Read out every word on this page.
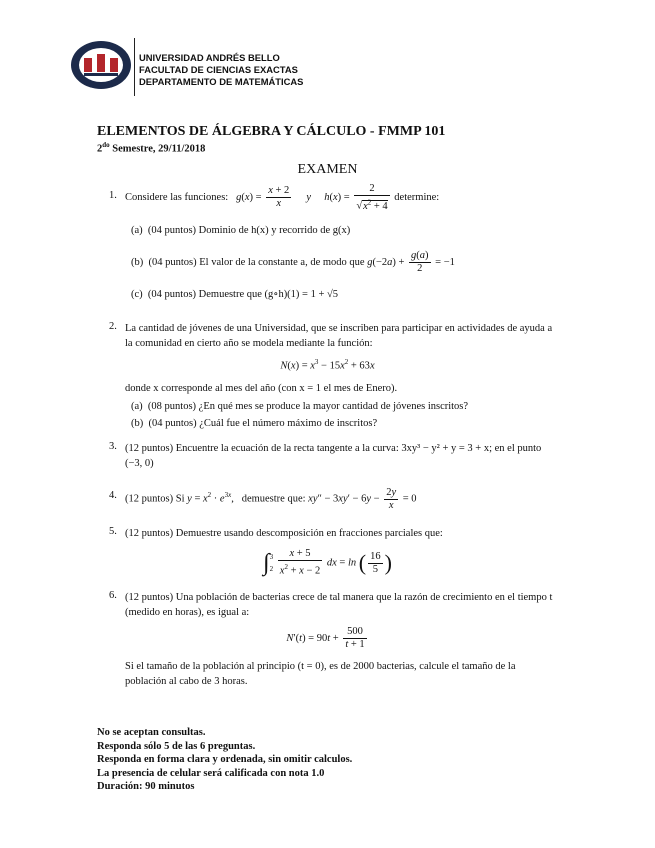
UNIVERSIDAD ANDRÉS BELLO
FACULTAD DE CIENCIAS EXACTAS
DEPARTAMENTO DE MATEMÁTICAS
ELEMENTOS DE ÁLGEBRA Y CÁLCULO - FMMP 101
$2^{do}$ Semestre, 29/11/2018
EXAMEN
1. Considere las funciones: $g(x) = \frac{x + 2}{x}$ y $h(x) = \frac{2}{√x^2 + 4}$ determine:
(a) (04 puntos) Dominio de h(x) y recorrido de g(x)
(b) (04 puntos) El valor de la constante a, de modo que $g(-2a) + \frac{g(a)}{2} = -1$
(c) (04 puntos) Demuestre que (g∘h)(1) = 1 + √5
2. La cantidad de jóvenes de una Universidad, que se inscriben para participar en actividades de ayuda a la comunidad en cierto año se modela mediante la función:
$N(x) = x^3 - 15x^2 + 63x$
donde x corresponde al mes del año (con x = 1 el mes de Enero).
(a) (08 puntos) ¿En qué mes se produce la mayor cantidad de jóvenes inscritos?
(b) (04 puntos) ¿Cuál fue el número máximo de inscritos?
3. (12 puntos) Encuentre la ecuación de la recta tangente a la curva: 3xy³ − y² + y = 3 + x; en el punto (−3, 0)
4. (12 puntos) Si $y = x^2 \cdot e^{3x}$,   demuestre que: $xy'' - 3xy' - 6y - \frac{2y}{x} = 0$
5. (12 puntos) Demuestre usando descomposición en fracciones parciales que:
∫ 3
2
$\frac{x + 5}{x^2 + x - 2}$ dx = ln ( $\frac{16}{5}$ )
6. (12 puntos) Una población de bacterias crece de tal manera que la razón de crecimiento en el tiempo t (medido en horas), es igual a:
$N'(t) = 90t + \frac{500}{t + 1}$
Si el tamaño de la población al principio (t = 0), es de 2000 bacterias, calcule el tamaño de la población al cabo de 3 horas.
No se aceptan consultas.
Responda sólo 5 de las 6 preguntas.
Responda en forma clara y ordenada, sin omitir calculos.
La presencia de celular será calificada con nota 1.0
Duración: 90 minutos
